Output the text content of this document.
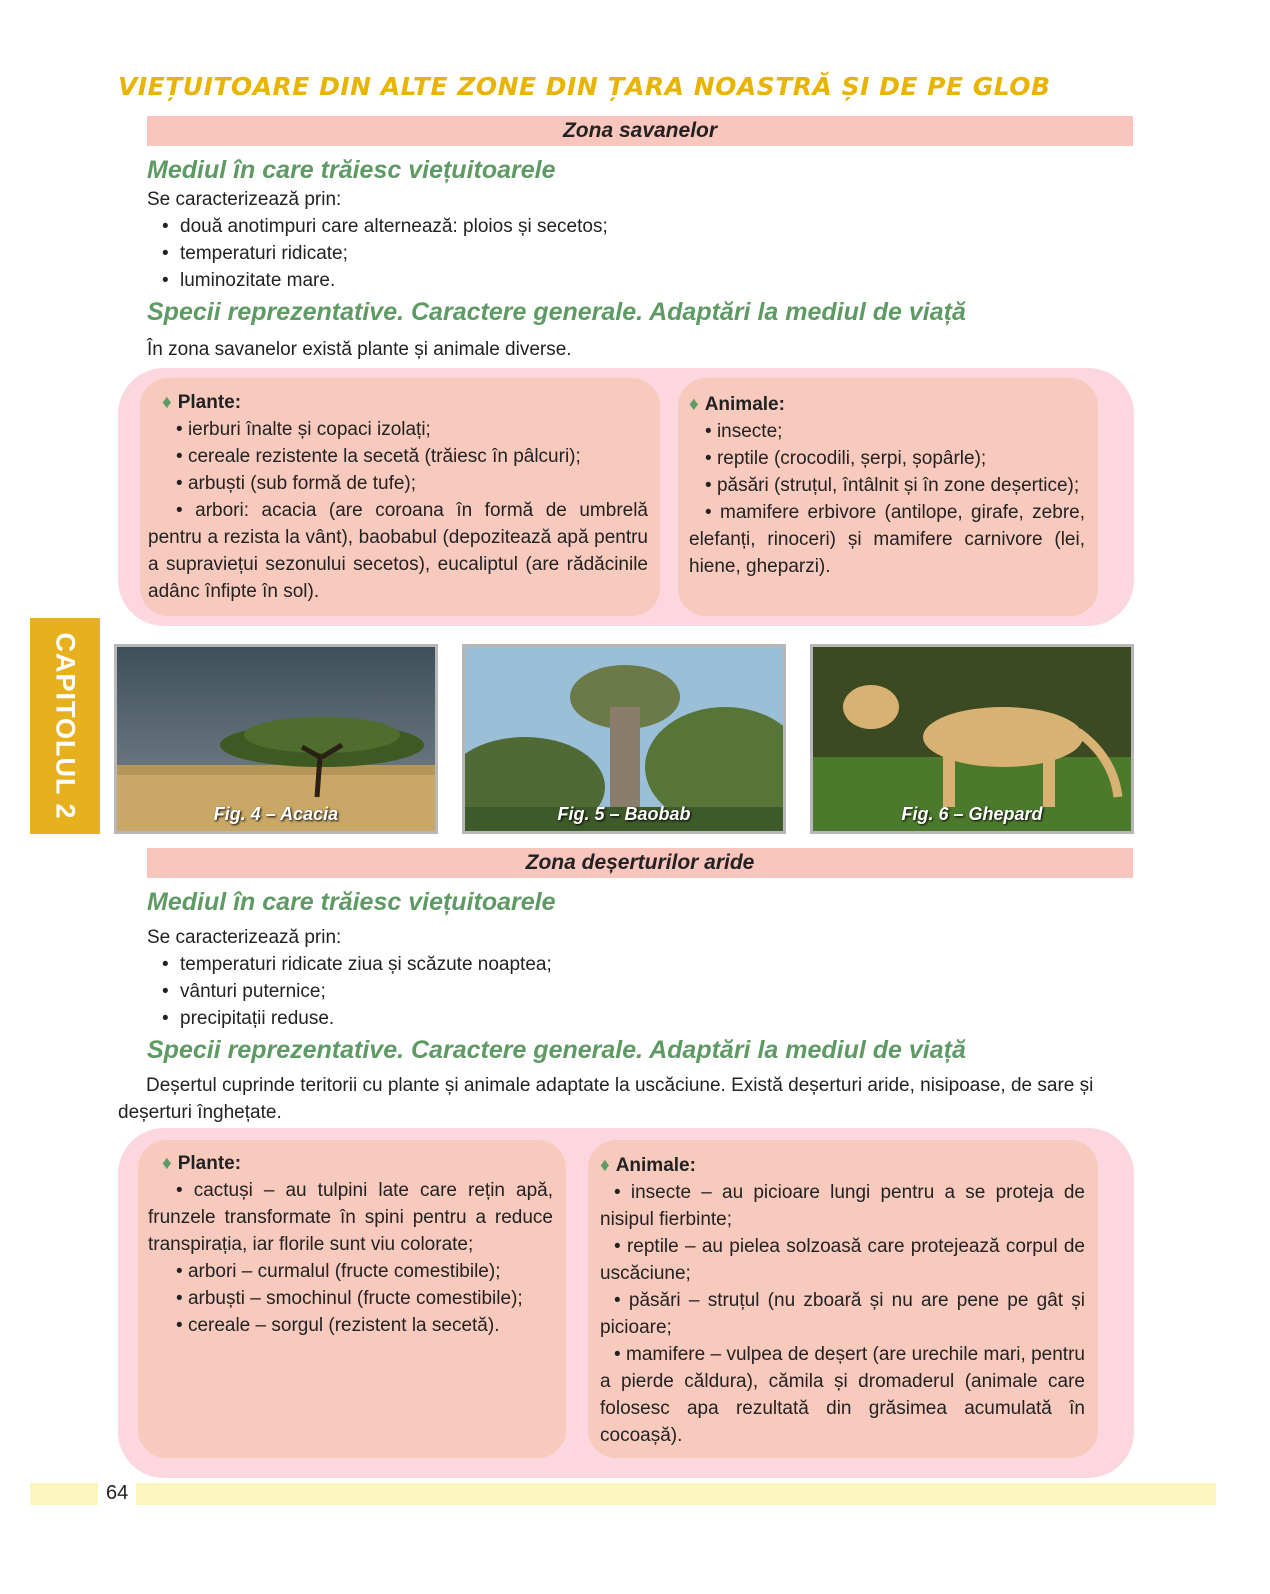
VIEȚUITOARE DIN ALTE ZONE DIN ȚARA NOASTRĂ ȘI DE PE GLOB
CAPITOLUL 2
Zona savanelor
Mediul în care trăiesc viețuitoarele
Se caracterizează prin:
• două anotimpuri care alternează: ploios și secetos;
• temperaturi ridicate;
• luminozitate mare.
Specii reprezentative. Caractere generale. Adaptări la mediul de viață
În zona savanelor există plante și animale diverse.

♦ Plante:

• ierburi înalte și copaci izolați;

• cereale rezistente la secetă (trăiesc în pâlcuri);

• arbuști (sub formă de tufe);

• arbori: acacia (are coroana în formă de umbrelă pentru a rezista la vânt), baobabul (depozitează apă pentru a supraviețui sezonului secetos), eucaliptul (are rădăcinile adânc înfipte în sol).

♦ Animale:

• insecte;

• reptile (crocodili, șerpi, șopârle);

• păsări (struțul, întâlnit și în zone deșertice);

• mamifere erbivore (antilope, girafe, zebre, elefanți, rinoceri) și mamifere carnivore (lei, hiene, gheparzi).

Fig. 4 – Acacia	Fig. 5 – Baobab	Fig. 6 – Ghepard
Zona deșerturilor aride
Mediul în care trăiesc viețuitoarele
Se caracterizează prin:
• temperaturi ridicate ziua și scăzute noaptea;
• vânturi puternice;
• precipitații reduse.
Specii reprezentative. Caractere generale. Adaptări la mediul de viață
Deșertul cuprinde teritorii cu plante și animale adaptate la uscăciune. Există deșerturi aride, nisipoase, de sare și deșerturi înghețate.

♦ Plante:

• cactuși – au tulpini late care rețin apă, frunzele transformate în spini pentru a reduce transpirația, iar florile sunt viu colorate;

• arbori – curmalul (fructe comestibile);

• arbuști – smochinul (fructe comestibile);

• cereale – sorgul (rezistent la secetă).

♦ Animale:

• insecte – au picioare lungi pentru a se proteja de nisipul fierbinte;

• reptile – au pielea solzoasă care protejează corpul de uscăciune;

• păsări – struțul (nu zboară și nu are pene pe gât și picioare;

• mamifere – vulpea de deșert (are urechile mari, pentru a pierde căldura), cămila și dromaderul (animale care folosesc apa rezultată din grăsimea acumulată în cocoașă).

64
